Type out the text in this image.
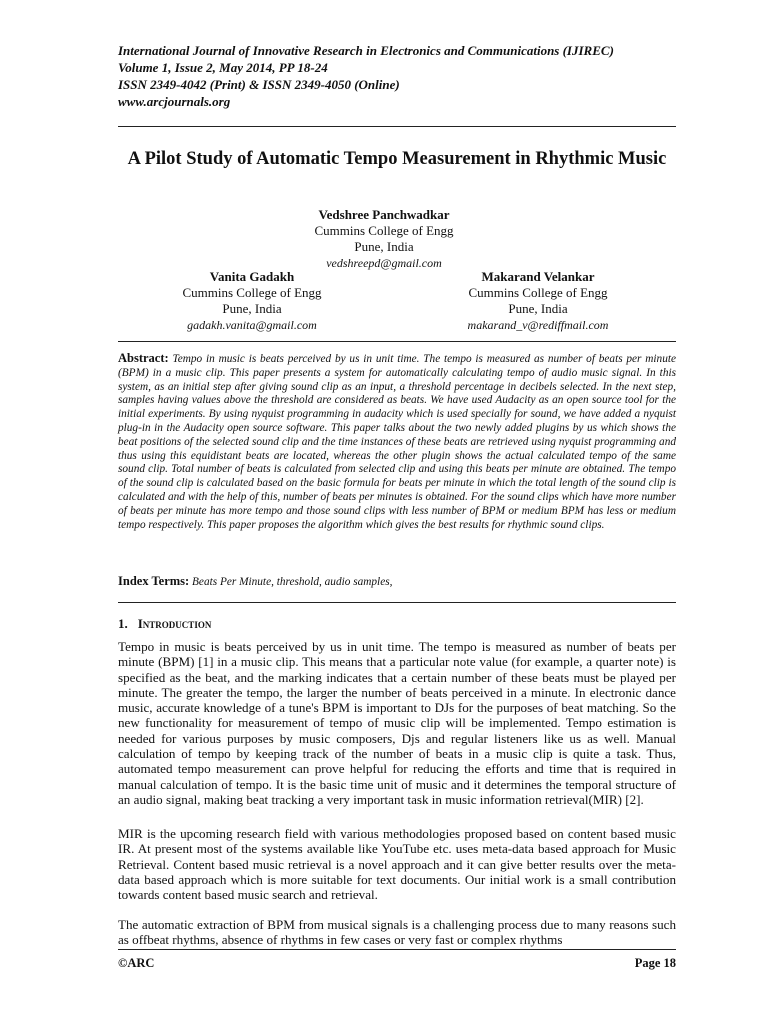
International Journal of Innovative Research in Electronics and Communications (IJIREC)
Volume 1, Issue 2, May 2014, PP 18-24
ISSN 2349-4042 (Print) & ISSN 2349-4050 (Online)
www.arcjournals.org
A Pilot Study of Automatic Tempo Measurement in Rhythmic Music
Vedshree Panchwadkar
Cummins College of Engg
Pune, India
vedshreepd@gmail.com
Vanita Gadakh
Cummins College of Engg
Pune, India
gadakh.vanita@gmail.com
Makarand Velankar
Cummins College of Engg
Pune, India
makarand_v@rediffmail.com
Abstract: Tempo in music is beats perceived by us in unit time. The tempo is measured as number of beats per minute (BPM) in a music clip. This paper presents a system for automatically calculating tempo of audio music signal. In this system, as an initial step after giving sound clip as an input, a threshold percentage in decibels selected. In the next step, samples having values above the threshold are considered as beats. We have used Audacity as an open source tool for the initial experiments. By using nyquist programming in audacity which is used specially for sound, we have added a nyquist plug-in in the Audacity open source software. This paper talks about the two newly added plugins by us which shows the beat positions of the selected sound clip and the time instances of these beats are retrieved using nyquist programming and thus using this equidistant beats are located, whereas the other plugin shows the actual calculated tempo of the same sound clip. Total number of beats is calculated from selected clip and using this beats per minute are obtained. The tempo of the sound clip is calculated based on the basic formula for beats per minute in which the total length of the sound clip is calculated and with the help of this, number of beats per minutes is obtained. For the sound clips which have more number of beats per minute has more tempo and those sound clips with less number of BPM or medium BPM has less or medium tempo respectively. This paper proposes the algorithm which gives the best results for rhythmic sound clips.
Index Terms: Beats Per Minute, threshold, audio samples,
1. Introduction

Tempo in music is beats perceived by us in unit time. The tempo is measured as number of beats per minute (BPM) [1] in a music clip. This means that a particular note value (for example, a quarter note) is specified as the beat, and the marking indicates that a certain number of these beats must be played per minute. The greater the tempo, the larger the number of beats perceived in a minute. In electronic dance music, accurate knowledge of a tune's BPM is important to DJs for the purposes of beat matching. So the new functionality for measurement of tempo of music clip will be implemented. Tempo estimation is needed for various purposes by music composers, Djs and regular listeners like us as well. Manual calculation of tempo by keeping track of the number of beats in a music clip is quite a task. Thus, automated tempo measurement can prove helpful for reducing the efforts and time that is required in manual calculation of tempo. It is the basic time unit of music and it determines the temporal structure of an audio signal, making beat tracking a very important task in music information retrieval(MIR) [2].

MIR is the upcoming research field with various methodologies proposed based on content based music IR. At present most of the systems available like YouTube etc. uses meta-data based approach for Music Retrieval. Content based music retrieval is a novel approach and it can give better results over the meta-data based approach which is more suitable for text documents. Our initial work is a small contribution towards content based music search and retrieval.

The automatic extraction of BPM from musical signals is a challenging process due to many reasons such as offbeat rhythms, absence of rhythms in few cases or very fast or complex rhythms

©ARC	Page 18
